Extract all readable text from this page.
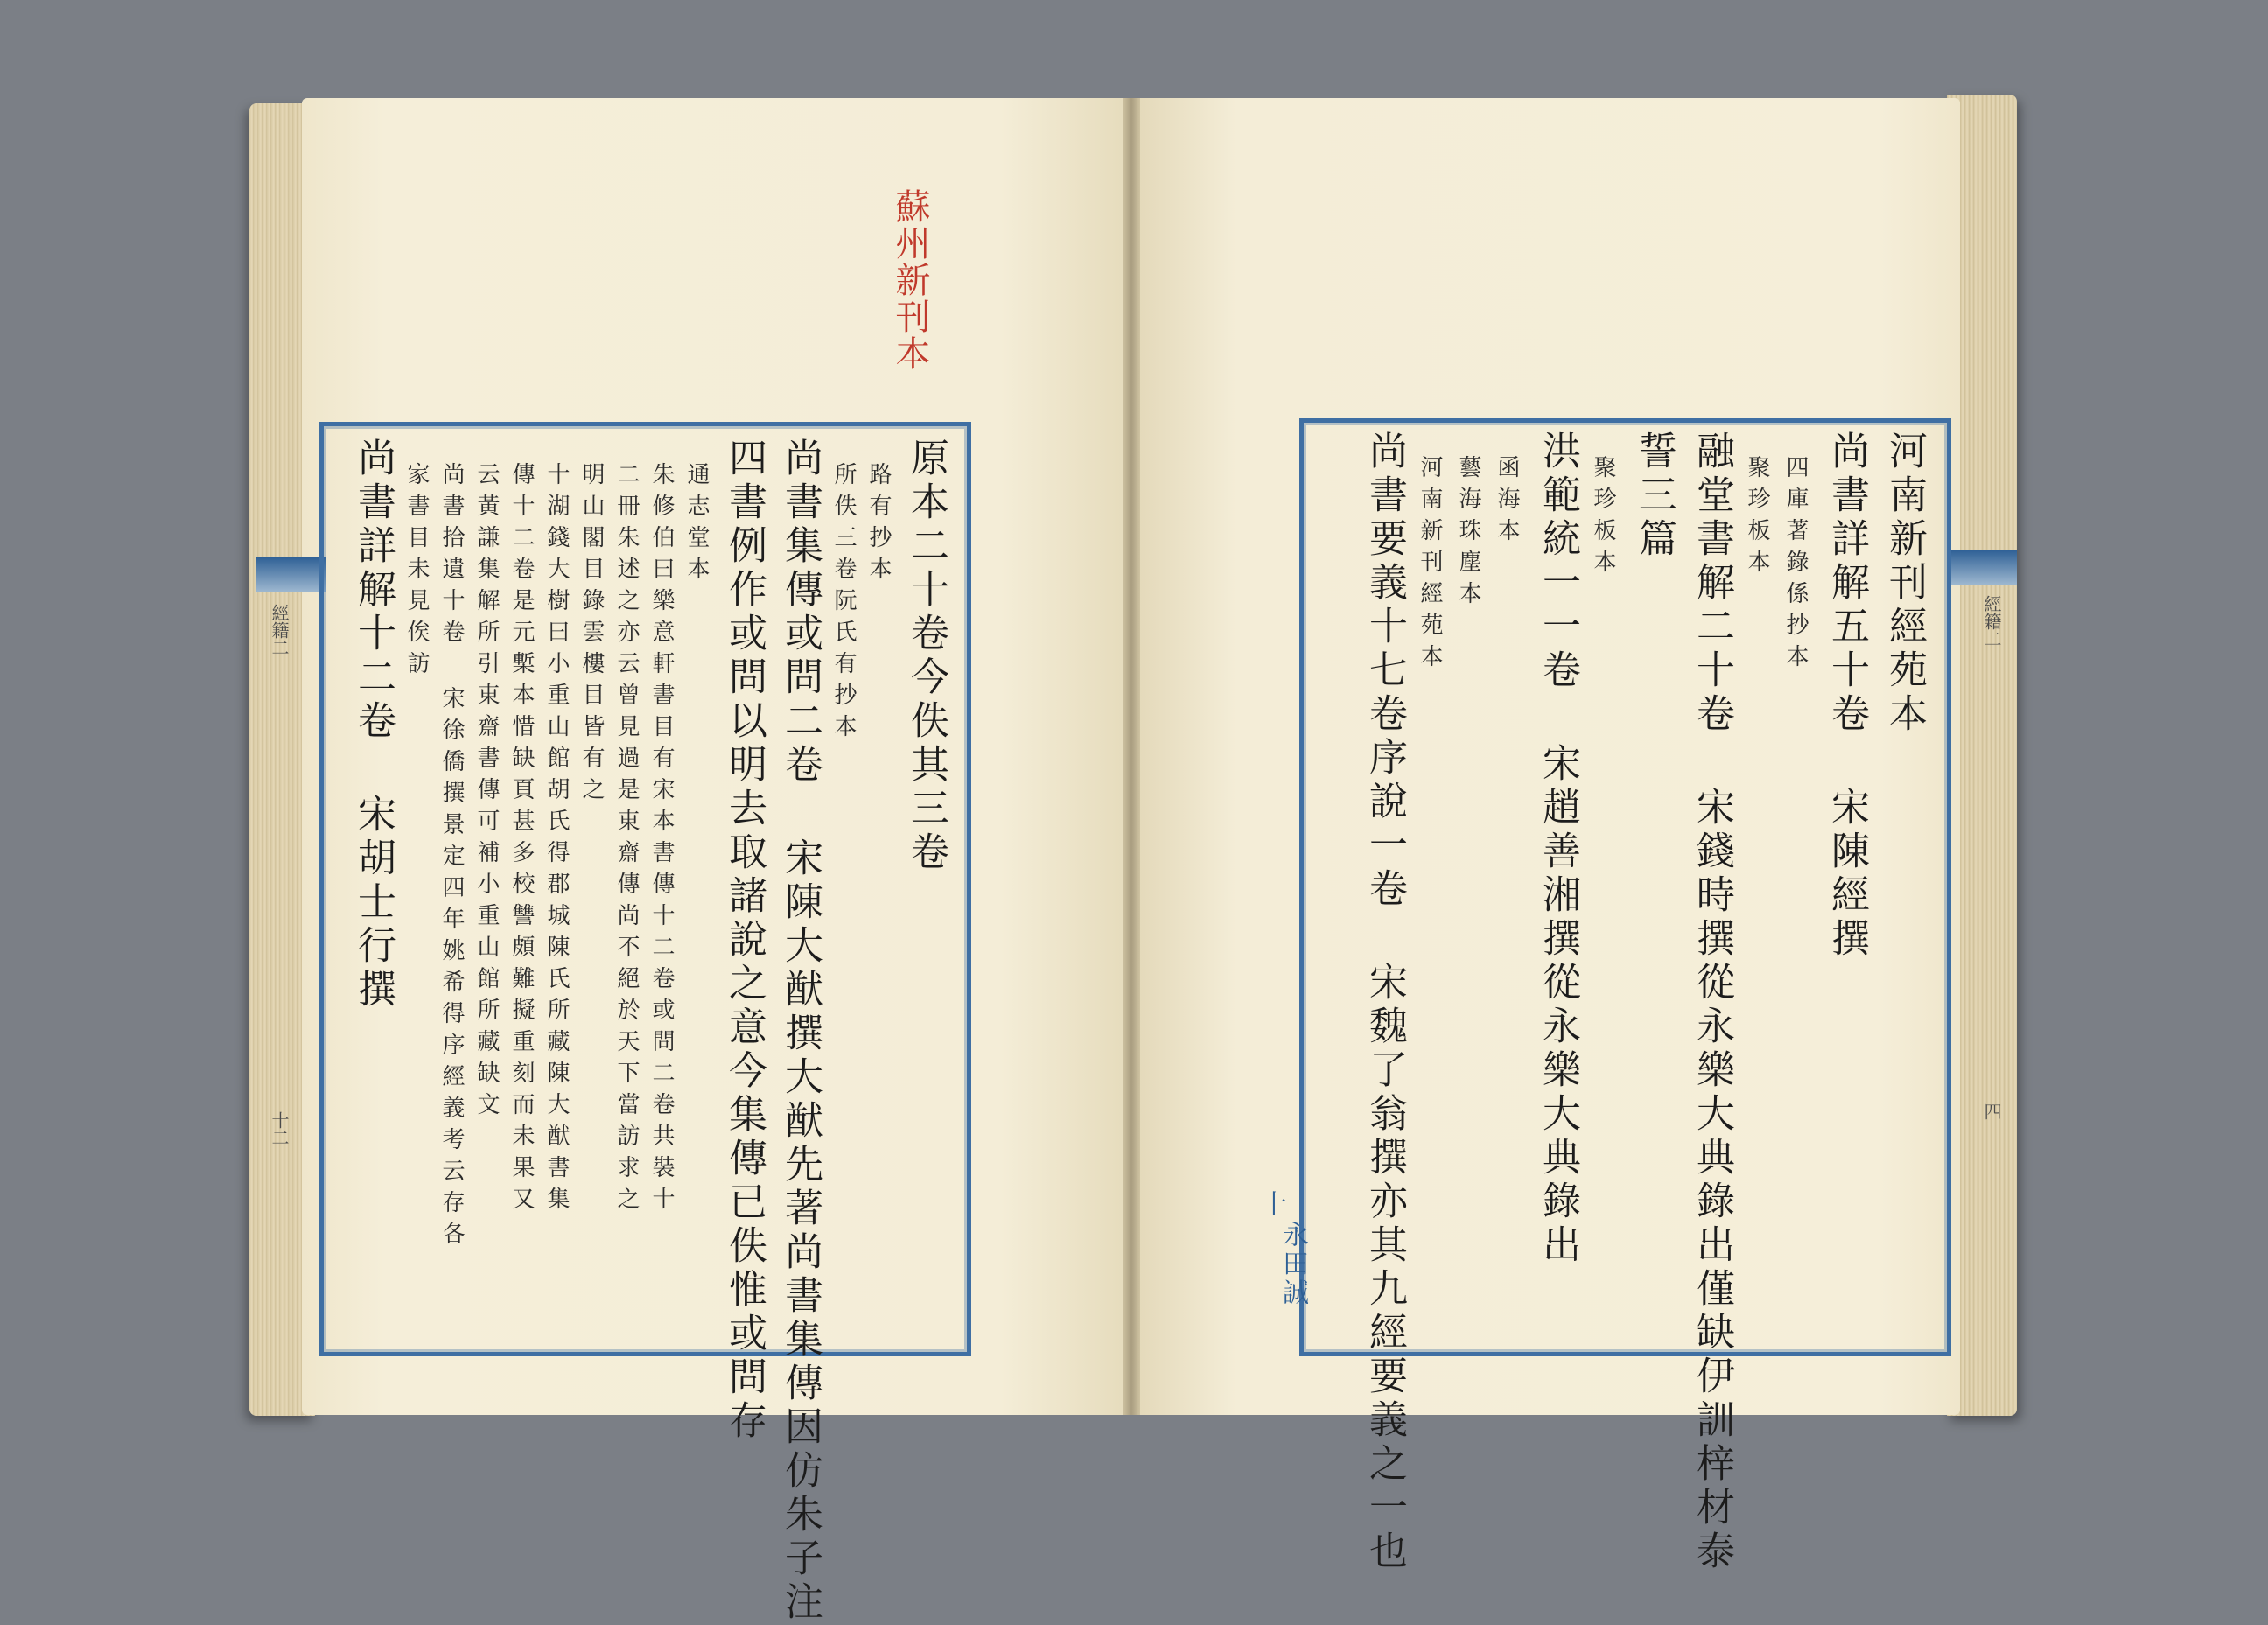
經籍二
十二
經籍二
四
蘇州新刊本
原本二十卷今佚其三卷
路有抄本
所佚三卷阮氏有抄本
尚書集傳或問二卷 宋陳大猷撰大猷先著尚書集傳因仿朱子注
四書例作或問以明去取諸說之意今集傳已佚惟或問存
通志堂本
朱修伯曰樂意軒書目有宋本書傳十二卷或問二卷共裝十
二冊朱述之亦云曾見過是東齋傳尚不絕於天下當訪求之
明山閣目錄雲樓目皆有之
十湖錢大樹曰小重山館胡氏得郡城陳氏所藏陳大猷書集
傳十二卷是元槧本惜缺頁甚多校讐頗難擬重刻而未果又
云黃謙集解所引東齋書傳可補小重山館所藏缺文
尚書拾遺十卷 宋徐僑撰景定四年姚希得序經義考云存各
家書目未見俟訪
尚書詳解十二卷 宋胡士行撰	河南新刊經苑本
尚書詳解五十卷 宋陳經撰
四庫著錄係抄本
聚珍板本
融堂書解二十卷 宋錢時撰從永樂大典錄出僅缺伊訓梓材泰
誓三篇
聚珍板本
洪範統一一卷 宋趙善湘撰從永樂大典錄出
函海本
藝海珠塵本
河南新刊經苑本
尚書要義十七卷序說一卷 宋魏了翁撰亦其九經要義之一也
十
永田誠
